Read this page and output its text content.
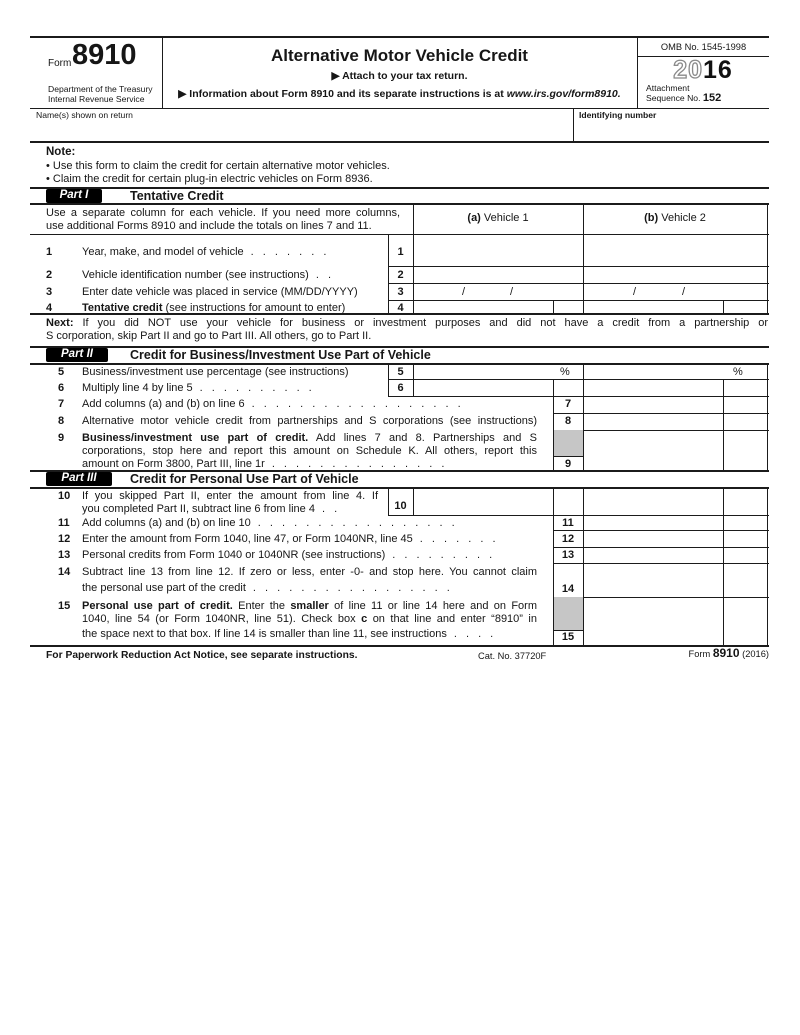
Form 8910
Department of the Treasury
Internal Revenue Service
Alternative Motor Vehicle Credit
▶ Attach to your tax return.
▶ Information about Form 8910 and its separate instructions is at www.irs.gov/form8910.
OMB No. 1545-1998
2016
Attachment
Sequence No. 152
Name(s) shown on return	Identifying number
Note:
• Use this form to claim the credit for certain alternative motor vehicles.
• Claim the credit for certain plug-in electric vehicles on Form 8936.
Part I	Tentative Credit
Use a separate column for each vehicle. If you need more columns,
use additional Forms 8910 and include the totals on lines 7 and 11.
(a) Vehicle 1	(b) Vehicle 2
1	Year, make, and model of vehicle . . . . . . .	1
2	Vehicle identification number (see instructions) . .	2
3	Enter date vehicle was placed in service (MM/DD/YYYY)	3	/	/	/	/
4	Tentative credit (see instructions for amount to enter)	4
Next: If you did NOT use your vehicle for business or investment purposes and did not have a credit from a partnership or
S corporation, skip Part II and go to Part III. All others, go to Part II.
Part II	Credit for Business/Investment Use Part of Vehicle
5 Business/investment use percentage (see instructions)	5	%	%
6 Multiply line 4 by line 5 . . . . . . . . . .	6
7 Add columns (a) and (b) on line 6 . . . . . . . . . . . . . . . . . .	7
8 Alternative motor vehicle credit from partnerships and S corporations (see instructions)	8
9 Business/investment use part of credit. Add lines 7 and 8. Partnerships and S
corporations, stop here and report this amount on Schedule K. All others, report this
amount on Form 3800, Part III, line 1r . . . . . . . . . . . . . . .	9
Part III	Credit for Personal Use Part of Vehicle
10 If you skipped Part II, enter the amount from line 4. If
you completed Part II, subtract line 6 from line 4 . .	10
11 Add columns (a) and (b) on line 10 . . . . . . . . . . . . . . . . .	11
12 Enter the amount from Form 1040, line 47, or Form 1040NR, line 45 . . . . . . .	12
13 Personal credits from Form 1040 or 1040NR (see instructions) . . . . . . . . .	13
14 Subtract line 13 from line 12. If zero or less, enter -0- and stop here. You cannot claim
the personal use part of the credit . . . . . . . . . . . . . . . . .	14
15 Personal use part of credit. Enter the smaller of line 11 or line 14 here and on Form
1040, line 54 (or Form 1040NR, line 51). Check box c on that line and enter “8910” in
the space next to that box. If line 14 is smaller than line 11, see instructions . . . .	15
For Paperwork Reduction Act Notice, see separate instructions.	Cat. No. 37720F	Form 8910 (2016)
